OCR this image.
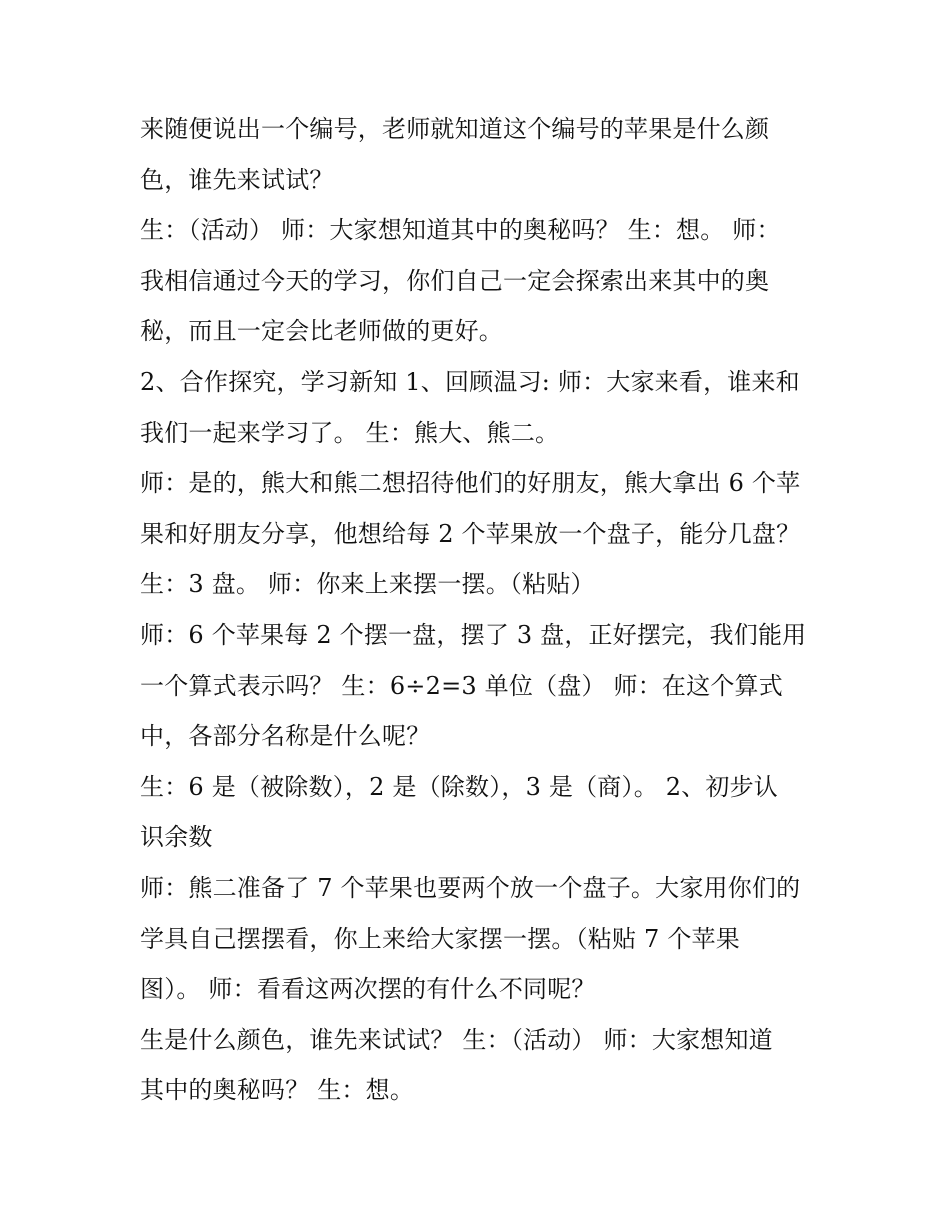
来随便说出一个编号，老师就知道这个编号的苹果是什么颜
色，谁先来试试？
生：（活动） 师：大家想知道其中的奥秘吗？ 生：想。 师：
我相信通过今天的学习，你们自己一定会探索出来其中的奥
秘，而且一定会比老师做的更好。
2、合作探究，学习新知 1、回顾温习: 师：大家来看，谁来和
我们一起来学习了。 生：熊大、熊二。
师：是的，熊大和熊二想招待他们的好朋友，熊大拿出 6 个苹
果和好朋友分享，他想给每 2 个苹果放一个盘子，能分几盘？
生：3 盘。 师：你来上来摆一摆。（粘贴）
师：6 个苹果每 2 个摆一盘，摆了 3 盘，正好摆完，我们能用
一个算式表示吗？ 生：6÷2=3 单位（盘） 师：在这个算式
中，各部分名称是什么呢？
生：6 是（被除数），2 是（除数），3 是（商）。 2、初步认
识余数
师：熊二准备了 7 个苹果也要两个放一个盘子。大家用你们的
学具自己摆摆看，你上来给大家摆一摆。（粘贴 7 个苹果
图）。 师：看看这两次摆的有什么不同呢？
生是什么颜色，谁先来试试？ 生：（活动） 师：大家想知道
其中的奥秘吗？ 生：想。
